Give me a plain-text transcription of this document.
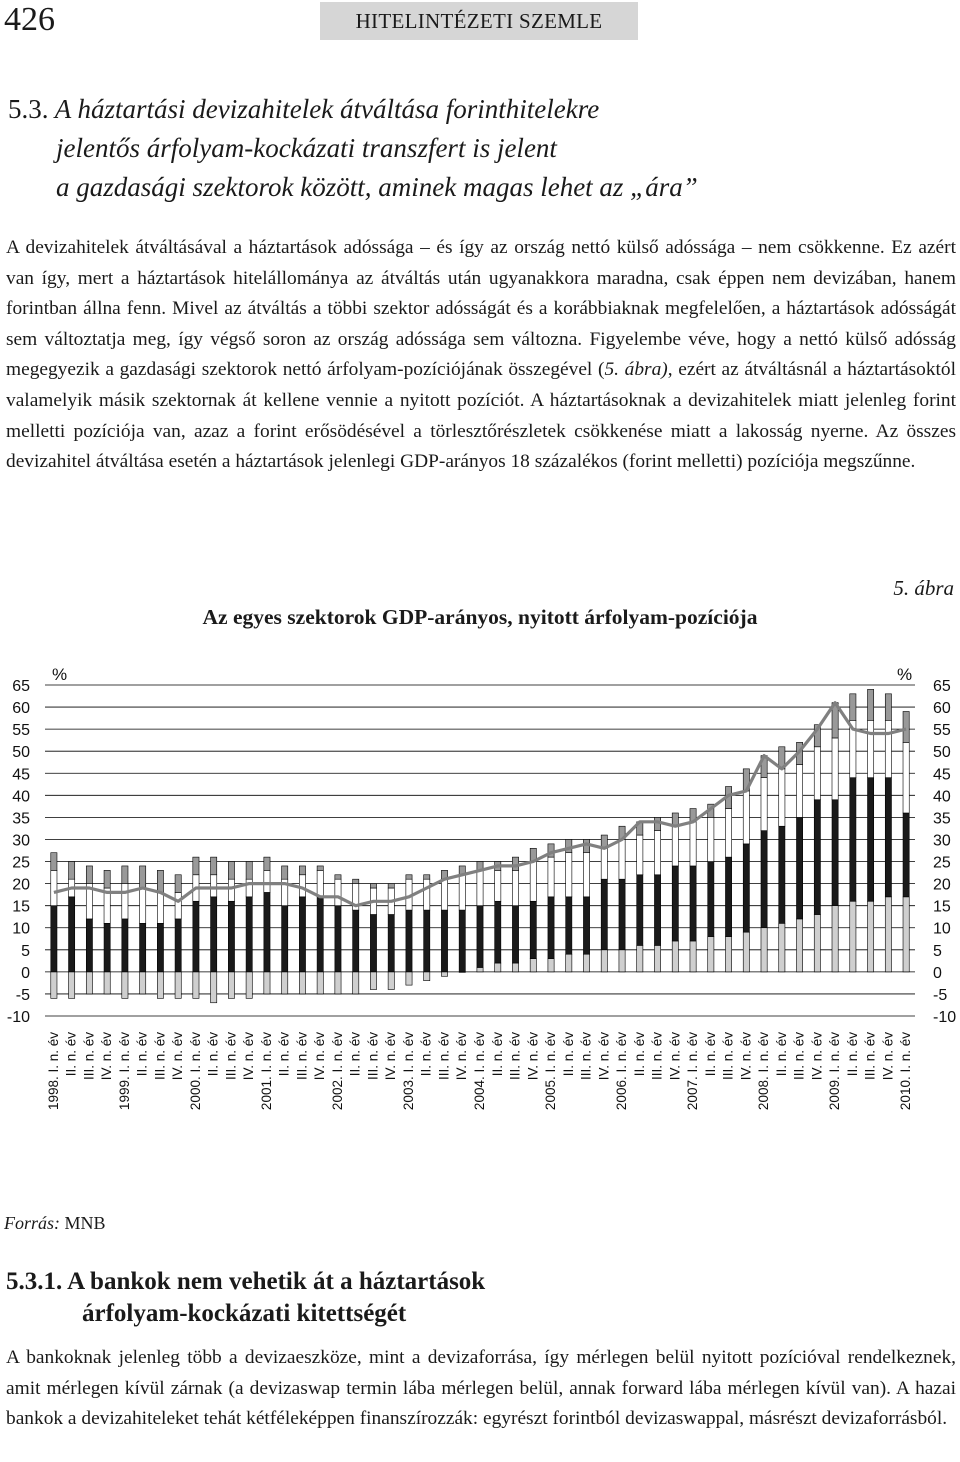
426	HITELINTÉZETI SZEMLE
5.3. A háztartási devizahitelek átváltása forinthitelekre
jelentős árfolyam-kockázati transzfert is jelent
a gazdasági szektorok között, aminek magas lehet az „ára”

A devizahitelek átváltásával a háztartások adóssága – és így az ország nettó külső adóssága – nem csökkenne. Ez azért van így, mert a háztartások hitelállománya az átváltás után ugyanakkora maradna, csak éppen nem devizában, hanem forintban állna fenn. Mivel az átváltás a többi szektor adósságát és a korábbiaknak megfelelően, a háztartások adósságát sem változtatja meg, így végső soron az ország adóssága sem változna. Figyelembe véve, hogy a nettó külső adósság megegyezik a gazdasági szektorok nettó árfolyam-pozíciójának összegével (5. ábra), ezért az átváltásnál a háztartásoktól valamelyik másik szektornak át kellene vennie a nyitott pozíciót. A háztartásoknak a devizahitelek miatt jelenleg forint melletti pozíciója van, azaz a forint erősödésével a törlesztőrészletek csökkenése miatt a lakosság nyerne. Az összes devizahitel átváltása esetén a háztartások jelenlegi GDP-arányos 18 százalékos (forint melletti) pozíciója megszűnne.

5. ábra
Az egyes szektorok GDP-arányos, nyitott árfolyam-pozíciója
65	65
60	60
55	55
50	50
45	45
40	40
35	35
30	30
25	25
20	20
15	15
10	10
5	5
0	0
-5	-5
-10	-10
%	%
1998. I. n. év II. n. év III. n. év IV. n. év 1999. I. n. év II. n. év III. n. év IV. n. év 2000. I. n. év II. n. év III. n. év IV. n. év 2001. I. n. év II. n. év III. n. év IV. n. év 2002. I. n. év II. n. év III. n. év IV. n. év 2003. I. n. év II. n. év III. n. év IV. n. év 2004. I. n. év II. n. év III. n. év IV. n. év 2005. I. n. év II. n. év III. n. év IV. n. év 2006. I. n. év II. n. év III. n. év IV. n. év 2007. I. n. év II. n. év III. n. év IV. n. év 2008. I. n. év II. n. év III. n. év IV. n. év 2009. I. n. év II. n. év III. n. év IV. n. év 2010. I. n. év
Forrás: MNB
5.3.1. A bankok nem vehetik át a háztartások
árfolyam-kockázati kitettségét

A bankoknak jelenleg több a devizaeszköze, mint a devizaforrása, így mérlegen belül nyitott pozícióval rendelkeznek, amit mérlegen kívül zárnak (a devizaswap termin lába mérlegen belül, annak forward lába mérlegen kívül van). A hazai bankok a devizahiteleket tehát kétféleképpen finanszírozzák: egyrészt forintból devizaswappal, másrészt devizaforrásból.
